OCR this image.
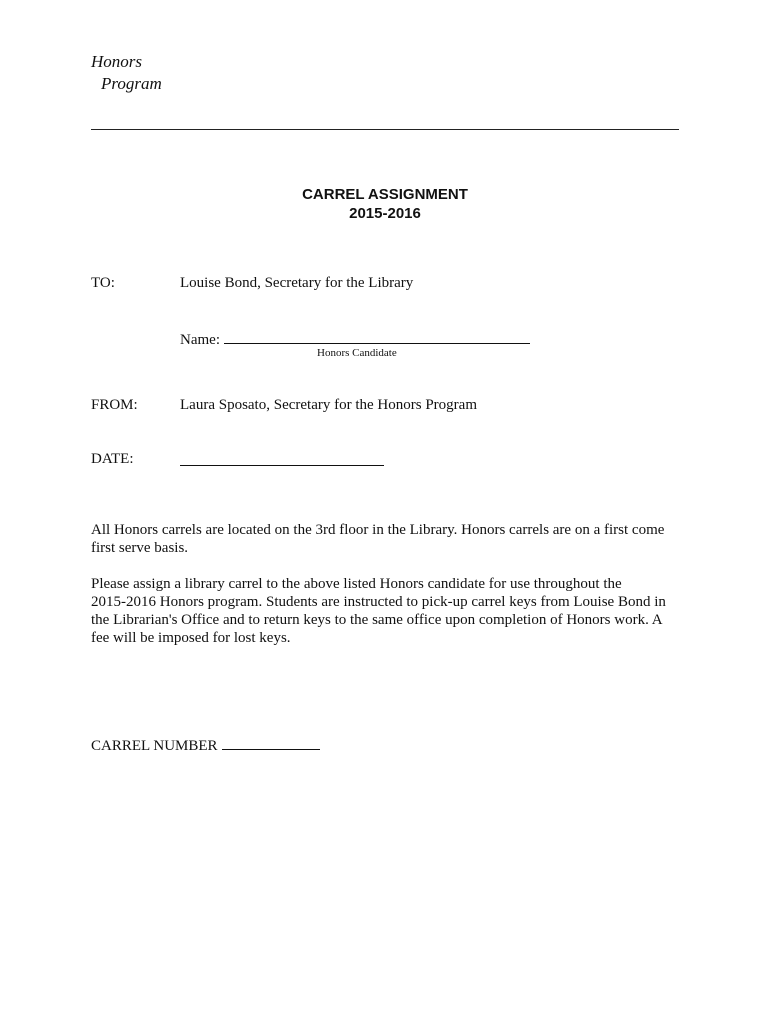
Honors
Program
CARREL ASSIGNMENT
2015-2016
TO:	Louise Bond, Secretary for the Library
Name:
Honors Candidate
FROM:	Laura Sposato, Secretary for the Honors Program
DATE:

All Honors carrels are located on the 3rd floor in the Library. Honors carrels are on a first come
first serve basis.

Please assign a library carrel to the above listed Honors candidate for use throughout the
2015-2016 Honors program. Students are instructed to pick-up carrel keys from Louise Bond in
the Librarian's Office and to return keys to the same office upon completion of Honors work. A
fee will be imposed for lost keys.

CARREL NUMBER
